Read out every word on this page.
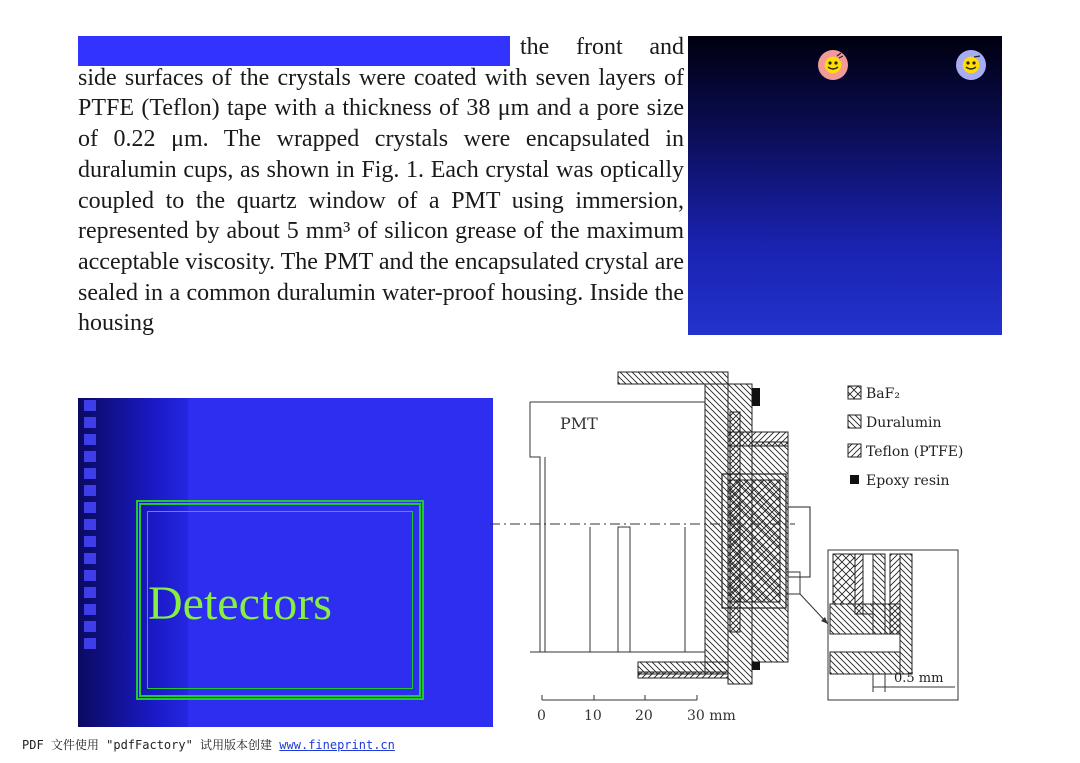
the front and side surfaces of the crystals were coated with seven layers of PTFE (Teflon) tape with a thickness of 38 μm and a pore size of 0.22 μm. The wrapped crystals were encapsulated in duralumin cups, as shown in Fig. 1. Each crystal was optically coupled to the quartz window of a PMT using immersion, represented by about 5 mm³ of silicon grease of the maximum acceptable viscosity. The PMT and the encapsulated crystal are sealed in a common duralumin water-proof housing. Inside the housing

Detectors
PMT
BaF₂
Duralumin
Teflon (PTFE)
Epoxy resin
0.5 mm
0	10 20 30 mm
PDF 文件使用 "pdfFactory" 试用版本创建 www.fineprint.cn
